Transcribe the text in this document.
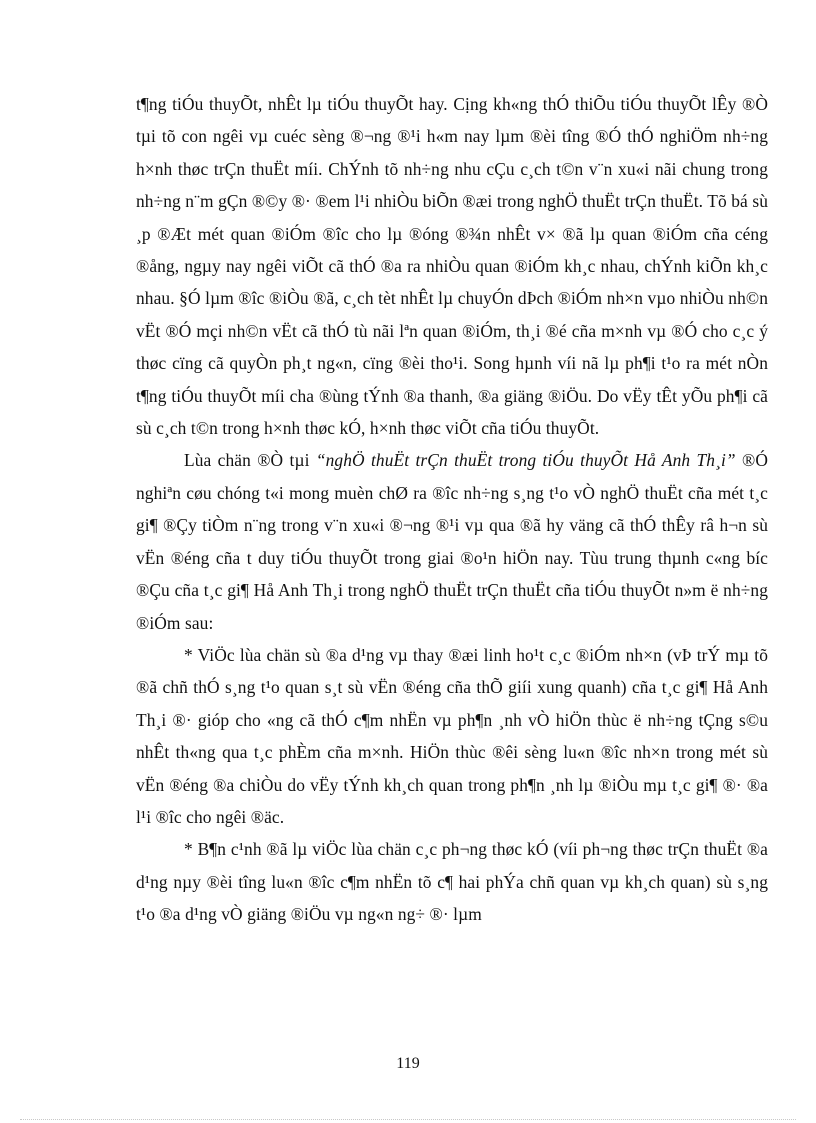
t¶ng tiÓu thuyÕt, nhÊt lµ tiÓu thuyÕt hay. Cịng kh«ng thÓ thiÕu tiÓu thuyÕt lÊy ®Ò tµi tõ con ngêi vµ cuéc sèng ®¬ng ®¹i h«m nay lµm ®èi tîng ®Ó thÓ nghiÖm nh÷ng h×nh thøc trÇn thuËt míi. ChÝnh tõ nh÷ng nhu cÇu c¸ch t©n v¨n xu«i nãi chung trong nh÷ng n¨m gÇn ®©y ®· ®em l¹i nhiÒu biÕn ®æi trong nghÖ thuËt trÇn thuËt. Tõ bá sù ¸p ®Æt mét quan ®iÓm ®îc cho lµ ®óng ®¾n nhÊt v× ®ã lµ quan ®iÓm cña céng ®ång, ngµy nay ngêi viÕt cã thÓ ®a ra nhiÒu quan ®iÓm kh¸c nhau, chÝnh kiÕn kh¸c nhau. §Ó lµm ®îc ®iÒu ®ã, c¸ch tèt nhÊt lµ chuyÓn dÞch ®iÓm nh×n vµo nhiÒu nh©n vËt ®Ó mçi nh©n vËt cã thÓ tù nãi lªn quan ®iÓm, th¸i ®é cña m×nh vµ ®Ó cho c¸c ý thøc cïng cã quyÒn ph¸t ng«n, cïng ®èi tho¹i. Song hµnh víi nã lµ ph¶i t¹o ra mét nÒn t¶ng tiÓu thuyÕt míi cha ®ùng tÝnh ®a thanh, ®a giäng ®iÖu. Do vËy tÊt yÕu ph¶i cã sù c¸ch t©n trong h×nh thøc kÓ, h×nh thøc viÕt cña tiÓu thuyÕt.

Lùa chän ®Ò tµi “nghÖ thuËt trÇn thuËt trong tiÓu thuyÕt Hå Anh Th¸i” ®Ó nghiªn cøu chóng t«i mong muèn chØ ra ®îc nh÷ng s¸ng t¹o vÒ nghÖ thuËt cña mét t¸c gi¶ ®Çy tiÒm n¨ng trong v¨n xu«i ®¬ng ®¹i vµ qua ®ã hy väng cã thÓ thÊy râ h¬n sù vËn ®éng cña t duy tiÓu thuyÕt trong giai ®o¹n hiÖn nay. Tùu trung thµnh c«ng bíc ®Çu cña t¸c gi¶ Hå Anh Th¸i trong nghÖ thuËt trÇn thuËt cña tiÓu thuyÕt n»m ë nh÷ng ®iÓm sau:

* ViÖc lùa chän sù ®a d¹ng vµ thay ®æi linh ho¹t c¸c ®iÓm nh×n (vÞ trÝ mµ tõ ®ã chñ thÓ s¸ng t¹o quan s¸t sù vËn ®éng cña thÕ giíi xung quanh) cña t¸c gi¶ Hå Anh Th¸i ®· gióp cho «ng cã thÓ c¶m nhËn vµ ph¶n ¸nh vÒ hiÖn thùc ë nh÷ng tÇng s©u nhÊt th«ng qua t¸c phÈm cña m×nh. HiÖn thùc ®êi sèng lu«n ®îc nh×n trong mét sù vËn ®éng ®a chiÒu do vËy tÝnh kh¸ch quan trong ph¶n ¸nh lµ ®iÒu mµ t¸c gi¶ ®· ®a l¹i ®îc cho ngêi ®äc.

* B¶n c¹nh ®ã lµ viÖc lùa chän c¸c ph¬ng thøc kÓ (víi ph¬ng thøc trÇn thuËt ®a d¹ng nµy ®èi tîng lu«n ®îc c¶m nhËn tõ c¶ hai phÝa chñ quan vµ kh¸ch quan) sù s¸ng t¹o ®a d¹ng vÒ giäng ®iÖu vµ ng«n ng÷ ®· lµm

119
